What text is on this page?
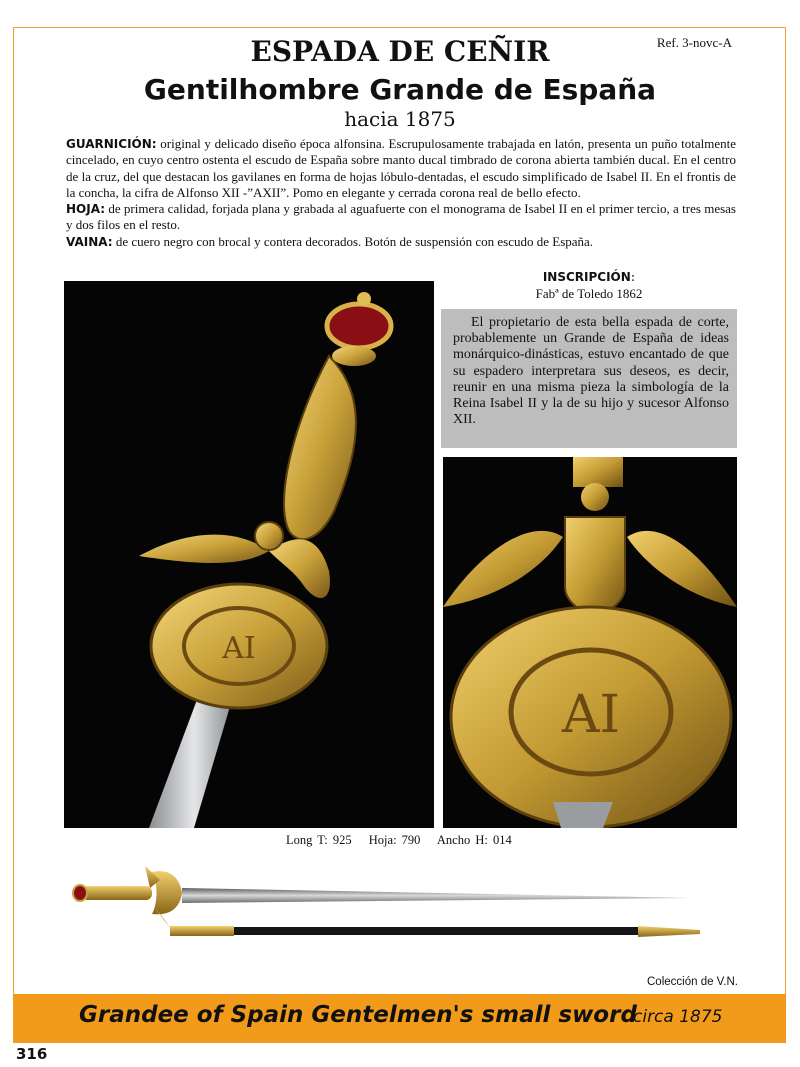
Ref. 3-novc-A
ESPADA DE CEÑIR
Gentilhombre Grande de España
hacia 1875

GUARNICIÓN: original y delicado diseño época alfonsina. Escrupulosamente trabajada en latón, presenta un puño totalmente cincelado, en cuyo centro ostenta el escudo de España sobre manto ducal timbrado de corona abierta también ducal. En el centro de la cruz, del que destacan los gavilanes en forma de hojas lóbulo-dentadas, el escudo simplificado de Isabel II. En el frontis de la concha, la cifra de Alfonso XII -”AXII”. Pomo en elegante y cerrada corona real de bello efecto.

HOJA: de primera calidad, forjada plana y grabada al aguafuerte con el monograma de Isabel II en el primer tercio, a tres mesas y dos filos en el resto.

VAINA: de cuero negro con brocal y contera decorados. Botón de suspensión con escudo de España.

AI
INSCRIPCIÓN:
Fabª de Toledo 1862
El propietario de esta bella espada de corte, probablemente un Grande de España de ideas monárquico-dinásticas, estuvo encantado de que su espadero interpretara sus deseos, es decir, reunir en una misma pieza la simbología de la Reina Isabel II y la de su hijo y sucesor Alfonso XII.
AI
Long T: 925 Hoja: 790 Ancho H: 014
Colección de V.N.
Grandee of Spain Gentelmen's small sword
circa 1875
316
